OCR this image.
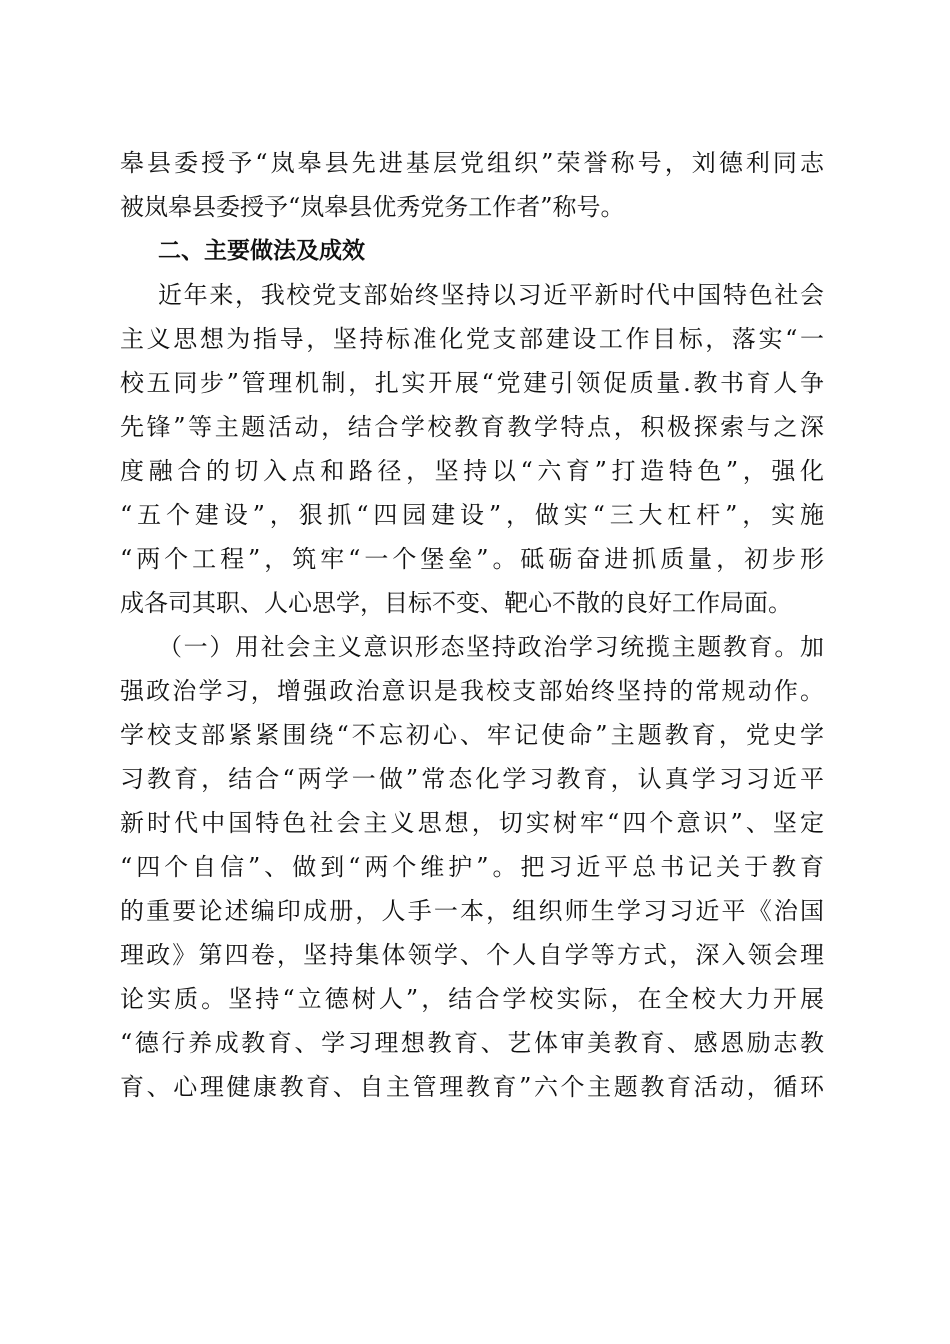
皋县委授予“岚皋县先进基层党组织”荣誉称号，刘德利同志
被岚皋县委授予“岚皋县优秀党务工作者”称号。
二、主要做法及成效
近年来，我校党支部始终坚持以习近平新时代中国特色社会
主义思想为指导，坚持标准化党支部建设工作目标，落实“一
校五同步”管理机制，扎实开展“党建引领促质量.教书育人争
先锋”等主题活动，结合学校教育教学特点，积极探索与之深
度融合的切入点和路径，坚持以“六育”打造特色”，强化
“五个建设”，狠抓“四园建设”，做实“三大杠杆”，实施
“两个工程”，筑牢“一个堡垒”。砥砺奋进抓质量，初步形
成各司其职、人心思学，目标不变、靶心不散的良好工作局面。
（一）用社会主义意识形态坚持政治学习统揽主题教育。加
强政治学习，增强政治意识是我校支部始终坚持的常规动作。
学校支部紧紧围绕“不忘初心、牢记使命”主题教育，党史学
习教育，结合“两学一做”常态化学习教育，认真学习习近平
新时代中国特色社会主义思想，切实树牢“四个意识”、坚定
“四个自信”、做到“两个维护”。把习近平总书记关于教育
的重要论述编印成册，人手一本，组织师生学习习近平《治国
理政》第四卷，坚持集体领学、个人自学等方式，深入领会理
论实质。坚持“立德树人”，结合学校实际，在全校大力开展
“德行养成教育、学习理想教育、艺体审美教育、感恩励志教
育、心理健康教育、自主管理教育”六个主题教育活动，循环
